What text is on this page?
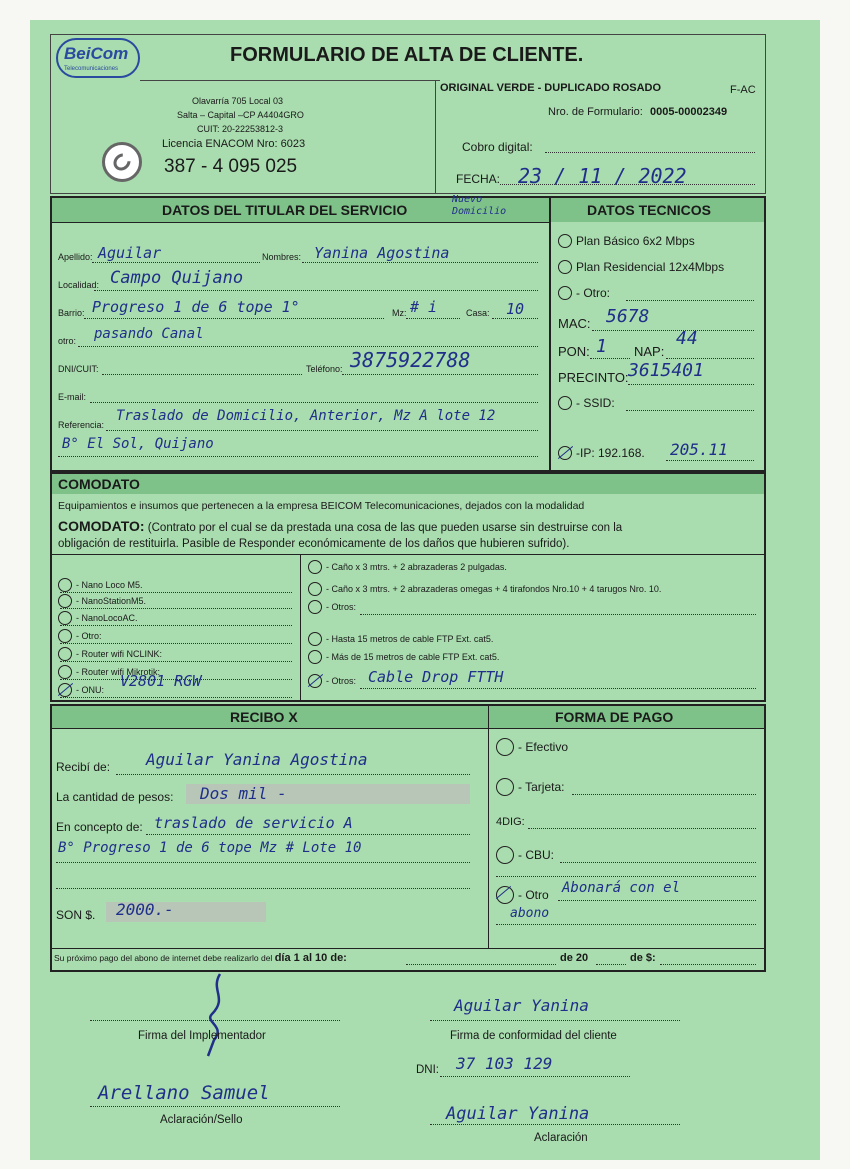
BeiCom
Telecomunicaciones
FORMULARIO DE ALTA DE CLIENTE.
Olavarría 705 Local 03
Salta – Capital –CP A4404GRO
CUIT: 20-22253812-3
Licencia ENACOM Nro: 6023
387 - 4 095 025
ORIGINAL VERDE - DUPLICADO ROSADO	F-AC
Nro. de Formulario: 0005-00002349
Cobro digital:
FECHA: 23 / 11 / 2022
DATOS DEL TITULAR DEL SERVICIO
Nuevo Domicilio	DATOS TECNICOS
Apellido: Aguilar	Nombres: Yanina Agostina
Localidad: Campo Quijano
Barrio: Progreso 1 de 6 tope 1°	Mz: # i	Casa: 10
otro: pasando Canal
DNI/CUIT:	Teléfono: 3875922788
E-mail:
Referencia:
Traslado de Domicilio, Anterior, Mz A lote 12
B° El Sol, Quijano
Plan Básico 6x2 Mbps
Plan Residencial 12x4Mbps
- Otro:
MAC: 5678
PON: 1 NAP:
44
PRECINTO: 3615401
- SSID:
-IP: 192.168. 205.11
COMODATO
Equipamientos e insumos que pertenecen a la empresa BEICOM Telecomunicaciones, dejados con la modalidad
COMODATO: (Contrato por el cual se da prestada una cosa de las que pueden usarse sin destruirse con la
obligación de restituirla. Pasible de Responder económicamente de los daños que hubieren sufrido).
- Nano Loco M5.
- NanoStationM5.
- NanoLocoAC.
- Otro:
- Router wifi NCLINK:
- Router wifi Mikrotik:
- ONU: V2801 RGW
- Caño x 3 mtrs. + 2 abrazaderas 2 pulgadas.
- Caño x 3 mtrs. + 2 abrazaderas omegas + 4 tirafondos Nro.10 + 4 tarugos Nro. 10.
- Otros:
- Hasta 15 metros de cable FTP Ext. cat5.
- Más de 15 metros de cable FTP Ext. cat5.
- Otros: Cable Drop FTTH
RECIBO X	FORMA DE PAGO
Recibí de: Aguilar Yanina Agostina
La cantidad de pesos: Dos mil -
En concepto de: traslado de servicio A
B° Progreso 1 de 6 tope Mz # Lote 10
SON $. 2000.-
- Efectivo
- Tarjeta:
4DIG:
- CBU:
- Otro Abonará con el
abono
Su próximo pago del abono de internet debe realizarlo del día 1 al 10 de:	de 20	de $:
Firma del Implementador
Aguilar Yanina
Firma de conformidad del cliente
DNI: 37 103 129
Arellano Samuel
Aclaración/Sello	Aguilar Yanina
Aclaración
